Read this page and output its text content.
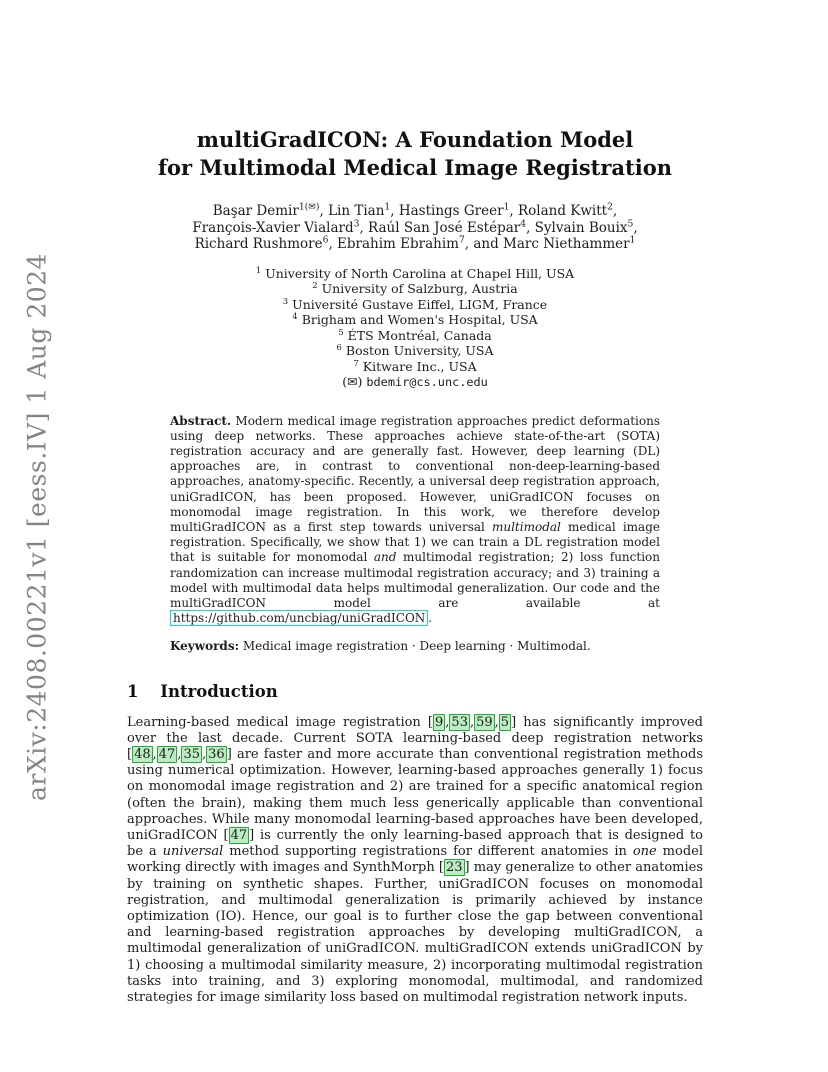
arXiv:2408.00221v1 [eess.IV] 1 Aug 2024
multiGradICON: A Foundation Model
for Multimodal Medical Image Registration
Başar Demir$^{1(✉)}$, Lin Tian$^1$, Hastings Greer$^1$, Roland Kwitt$^2$,
François-Xavier Vialard$^3$, Raúl San José Estépar$^4$, Sylvain Bouix$^5$,
Richard Rushmore$^6$, Ebrahim Ebrahim$^7$, and Marc Niethammer$^1$
$^1$ University of North Carolina at Chapel Hill, USA
$^2$ University of Salzburg, Austria
$^3$ Université Gustave Eiffel, LIGM, France
$^4$ Brigham and Women's Hospital, USA
$^5$ ÉTS Montréal, Canada
$^6$ Boston University, USA
$^7$ Kitware Inc., USA
(✉) bdemir@cs.unc.edu

Abstract. Modern medical image registration approaches predict deformations using deep networks. These approaches achieve state-of-the-art (SOTA) registration accuracy and are generally fast. However, deep learning (DL) approaches are, in contrast to conventional non-deep-learning-based approaches, anatomy-specific. Recently, a universal deep registration approach, uniGradICON, has been proposed. However, uniGradICON focuses on monomodal image registration. In this work, we therefore develop multiGradICON as a first step towards universal multimodal medical image registration. Specifically, we show that 1) we can train a DL registration model that is suitable for monomodal and multimodal registration; 2) loss function randomization can increase multimodal registration accuracy; and 3) training a model with multimodal data helps multimodal generalization. Our code and the multiGradICON model are available at https://github.com/uncbiag/uniGradICON .

Keywords: Medical image registration · Deep learning · Multimodal.

1 Introduction

Learning-based medical image registration [ 9 , 53 , 59 , 5 ] has significantly improved over the last decade. Current SOTA learning-based deep registration networks [ 48 , 47 , 35 , 36 ] are faster and more accurate than conventional registration methods using numerical optimization. However, learning-based approaches generally 1) focus on monomodal image registration and 2) are trained for a specific anatomical region (often the brain), making them much less generically applicable than conventional approaches. While many monomodal learning-based approaches have been developed, uniGradICON [ 47 ] is currently the only learning-based approach that is designed to be a universal method supporting registrations for different anatomies in one model working directly with images and SynthMorph [ 23 ] may generalize to other anatomies by training on synthetic shapes. Further, uniGradICON focuses on monomodal registration, and multimodal generalization is primarily achieved by instance optimization (IO). Hence, our goal is to further close the gap between conventional and learning-based registration approaches by developing multiGradICON, a multimodal generalization of uniGradICON. multiGradICON extends uniGradICON by 1) choosing a multimodal similarity measure, 2) incorporating multimodal registration tasks into training, and 3) exploring monomodal, multimodal, and randomized strategies for image similarity loss based on multimodal registration network inputs.
